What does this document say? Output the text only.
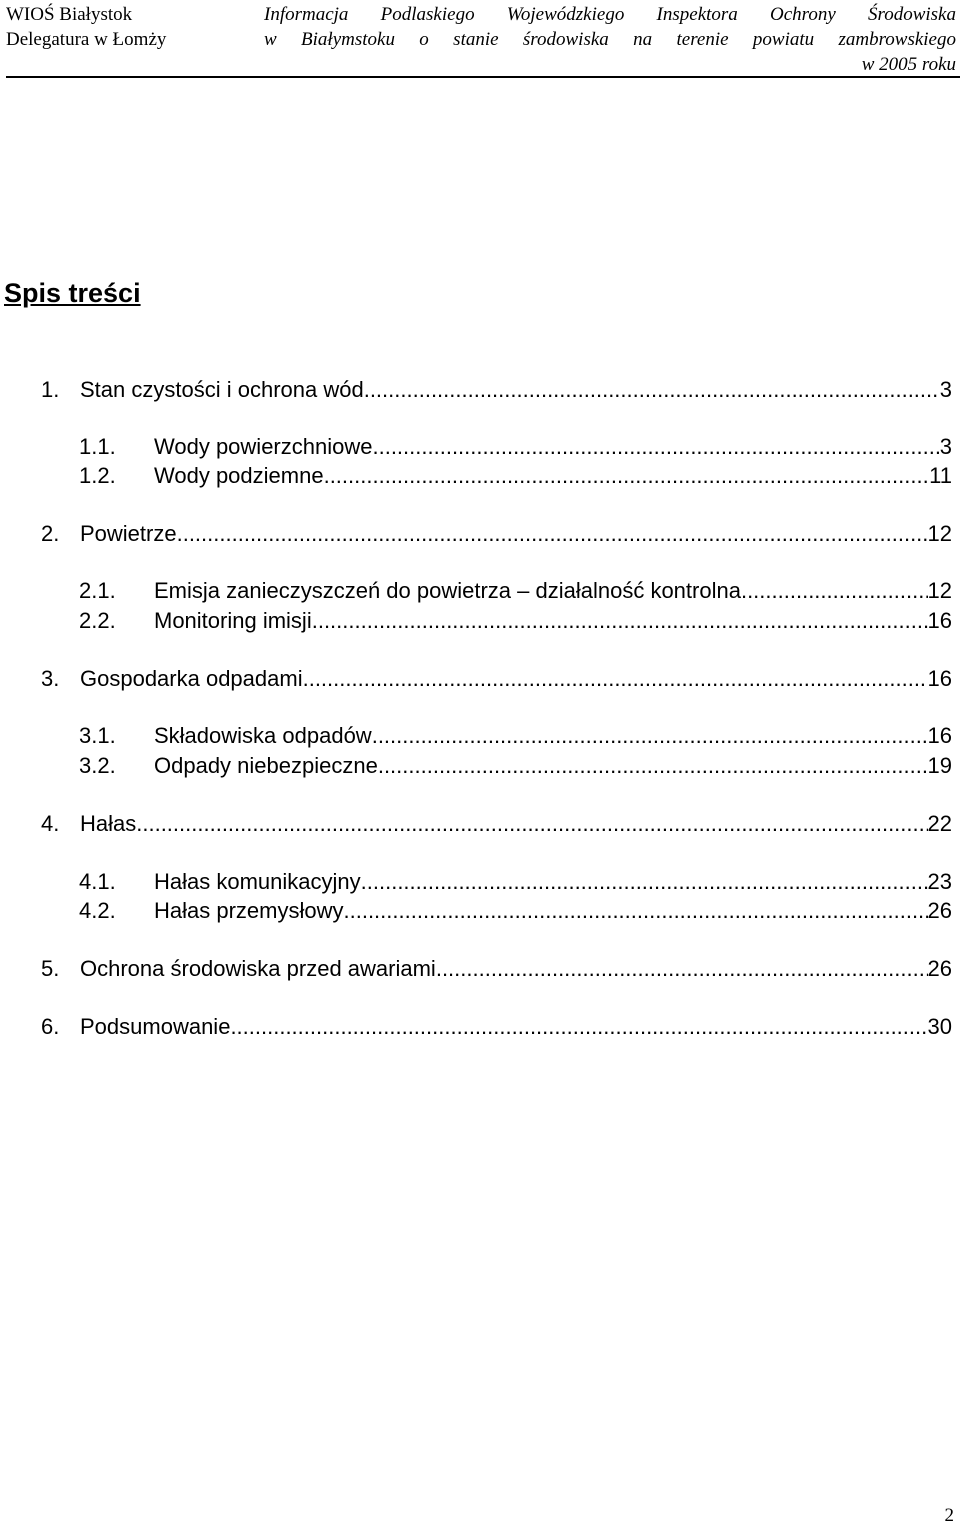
WIOŚ Białystok
Delegatura w Łomży
Informacja Podlaskiego Wojewódzkiego Inspektora Ochrony Środowiska
w Białymstoku o stanie środowiska na terenie powiatu zambrowskiego
w 2005 roku
Spis treści
1. Stan czystości i ochrona wód .....	3
1.1. Wody powierzchniowe .....	3
1.2. Wody podziemne .....	11
2. Powietrze .....	12
2.1. Emisja zanieczyszczeń do powietrza – działalność kontrolna .....	12
2.2. Monitoring imisji .....	16
3. Gospodarka odpadami .....	16
3.1. Składowiska odpadów .....	16
3.2. Odpady niebezpieczne .....	19
4. Hałas .....	22
4.1. Hałas komunikacyjny .....	23
4.2. Hałas przemysłowy .....	26
5. Ochrona środowiska przed awariami .....	26
6. Podsumowanie .....	30
2
